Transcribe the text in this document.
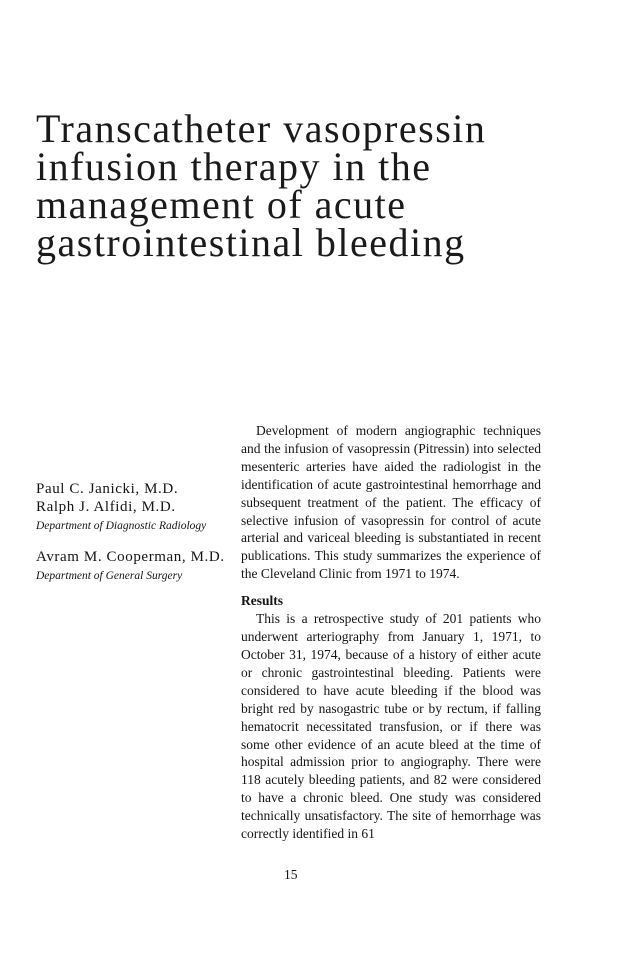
Transcatheter vasopressin
infusion therapy in the
management of acute
gastrointestinal bleeding
Paul C. Janicki, M.D.
Ralph J. Alfidi, M.D.
Department of Diagnostic Radiology
Avram M. Cooperman, M.D.
Department of General Surgery

Development of modern angiographic techniques and the infusion of vasopressin (Pitressin) into selected mesenteric arteries have aided the radiologist in the identification of acute gastrointestinal hemorrhage and subsequent treatment of the patient. The efficacy of selective infusion of vasopressin for control of acute arterial and variceal bleeding is substantiated in recent publications. This study summarizes the experience of the Cleveland Clinic from 1971 to 1974.

Results

This is a retrospective study of 201 patients who underwent arteriography from January 1, 1971, to October 31, 1974, because of a history of either acute or chronic gastrointestinal bleeding. Patients were considered to have acute bleeding if the blood was bright red by nasogastric tube or by rectum, if falling hematocrit necessitated transfusion, or if there was some other evidence of an acute bleed at the time of hospital admission prior to angiography. There were 118 acutely bleeding patients, and 82 were considered to have a chronic bleed. One study was considered technically unsatisfactory. The site of hemorrhage was correctly identified in 61

15
